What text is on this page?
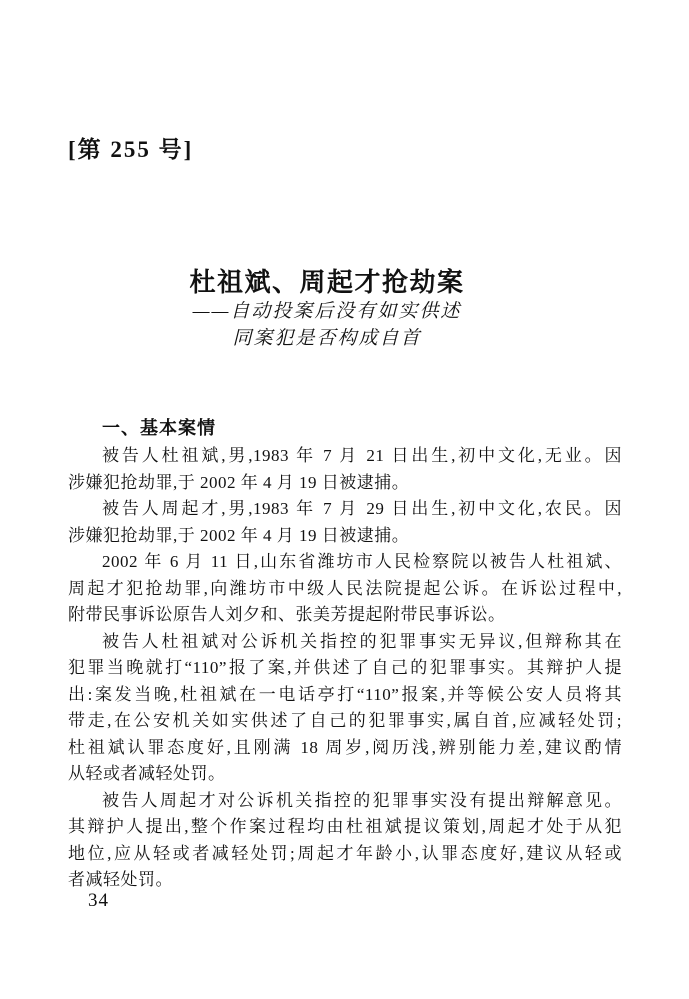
[第 255 号]
杜祖斌、周起才抢劫案
——自动投案后没有如实供述
同案犯是否构成自首
一、基本案情
被告人杜祖斌,男,1983 年 7 月 21 日出生,初中文化,无业。因
涉嫌犯抢劫罪,于 2002 年 4 月 19 日被逮捕。
被告人周起才,男,1983 年 7 月 29 日出生,初中文化,农民。因
涉嫌犯抢劫罪,于 2002 年 4 月 19 日被逮捕。
2002 年 6 月 11 日,山东省潍坊市人民检察院以被告人杜祖斌、
周起才犯抢劫罪,向潍坊市中级人民法院提起公诉。在诉讼过程中,
附带民事诉讼原告人刘夕和、张美芳提起附带民事诉讼。
被告人杜祖斌对公诉机关指控的犯罪事实无异议,但辩称其在
犯罪当晚就打“110”报了案,并供述了自己的犯罪事实。其辩护人提
出:案发当晚,杜祖斌在一电话亭打“110”报案,并等候公安人员将其
带走,在公安机关如实供述了自己的犯罪事实,属自首,应减轻处罚;
杜祖斌认罪态度好,且刚满 18 周岁,阅历浅,辨别能力差,建议酌情
从轻或者减轻处罚。
被告人周起才对公诉机关指控的犯罪事实没有提出辩解意见。
其辩护人提出,整个作案过程均由杜祖斌提议策划,周起才处于从犯
地位,应从轻或者减轻处罚;周起才年龄小,认罪态度好,建议从轻或
者减轻处罚。
34
